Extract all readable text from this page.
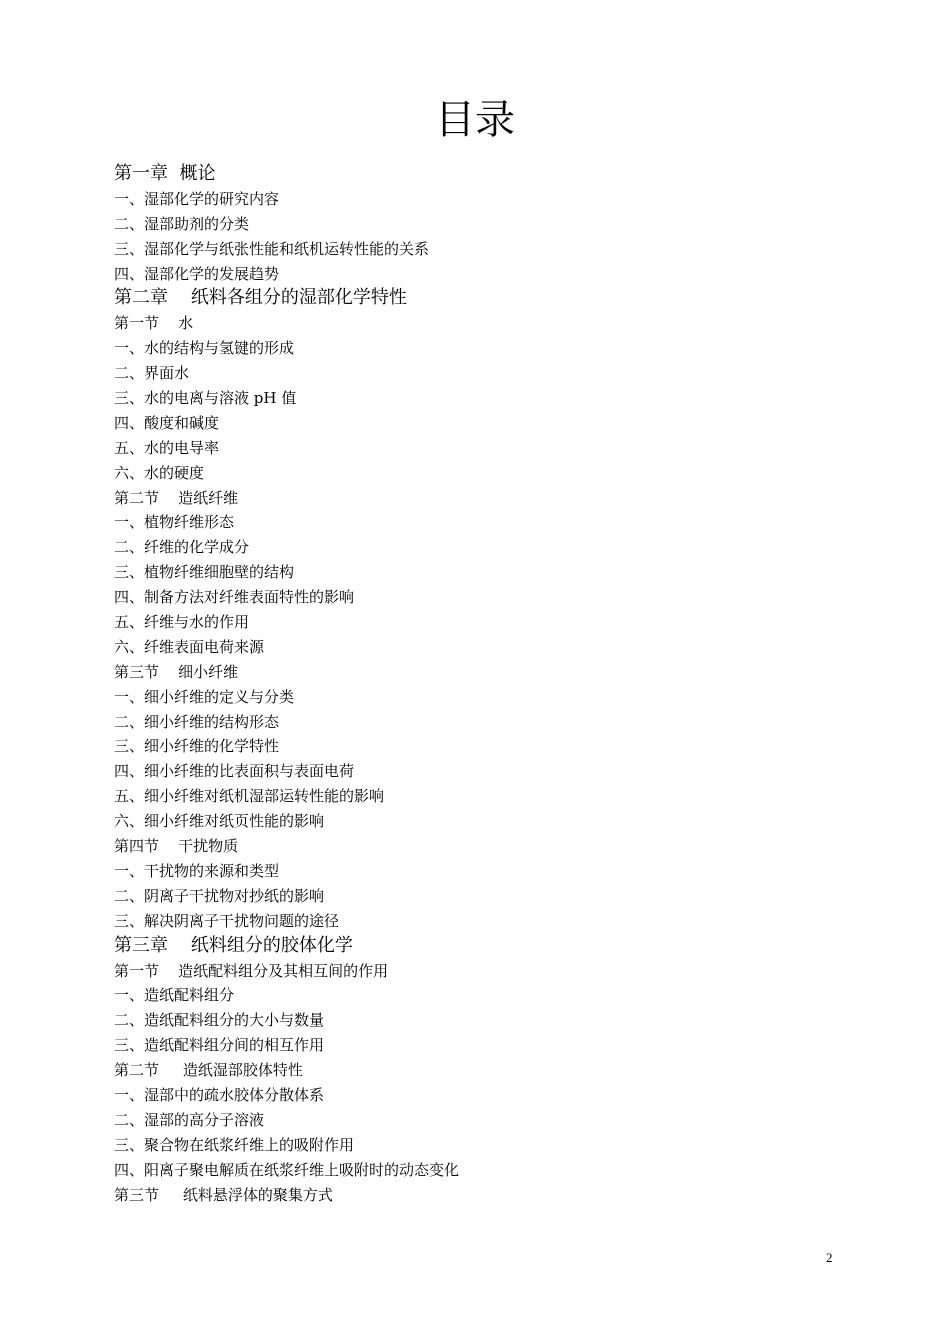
目录
第一章  概论
一、湿部化学的研究内容
二、湿部助剂的分类
三、湿部化学与纸张性能和纸机运转性能的关系
四、湿部化学的发展趋势
第二章    纸料各组分的湿部化学特性
第一节    水
一、水的结构与氢键的形成
二、界面水
三、水的电离与溶液 pH 值
四、酸度和碱度
五、水的电导率
六、水的硬度
第二节    造纸纤维
一、植物纤维形态
二、纤维的化学成分
三、植物纤维细胞壁的结构
四、制备方法对纤维表面特性的影响
五、纤维与水的作用
六、纤维表面电荷来源
第三节    细小纤维
一、细小纤维的定义与分类
二、细小纤维的结构形态
三、细小纤维的化学特性
四、细小纤维的比表面积与表面电荷
五、细小纤维对纸机湿部运转性能的影响
六、细小纤维对纸页性能的影响
第四节    干扰物质
一、干扰物的来源和类型
二、阴离子干扰物对抄纸的影响
三、解决阴离子干扰物问题的途径
第三章    纸料组分的胶体化学
第一节    造纸配料组分及其相互间的作用
一、造纸配料组分
二、造纸配料组分的大小与数量
三、造纸配料组分间的相互作用
第二节     造纸湿部胶体特性
一、湿部中的疏水胶体分散体系
二、湿部的高分子溶液
三、聚合物在纸浆纤维上的吸附作用
四、阳离子聚电解质在纸浆纤维上吸附时的动态变化
第三节     纸料悬浮体的聚集方式
2
